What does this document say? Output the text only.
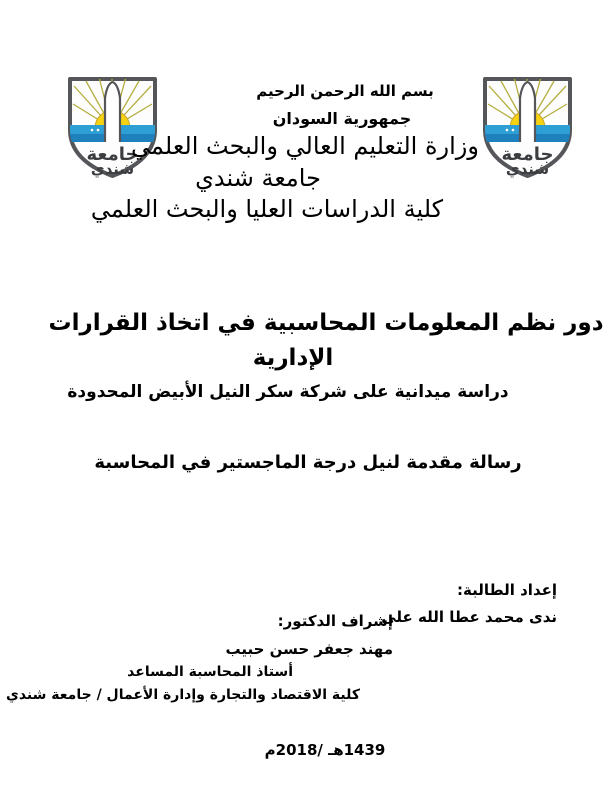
جامعة
شندي
جامعة
شندي
بسم الله الرحمن الرحيم
جمهورية السودان
وزارة التعليم العالي والبحث العلمي
جامعة شندي
كلية الدراسات العليا والبحث العلمي
دور نظم المعلومات المحاسبية في اتخاذ القرارات
الإدارية
دراسة ميدانية على شركة سكر النيل الأبيض المحدودة
رسالة مقدمة لنيل درجة الماجستير في المحاسبة
إعداد الطالبة:
ندى محمد عطا الله على
إشراف الدكتور:
مهند جعفر حسن حبيب
أستاذ المحاسبة المساعد
كلية الاقتصاد والتجارة وإدارة الأعمال / جامعة شندي
1439هـ /2018م
